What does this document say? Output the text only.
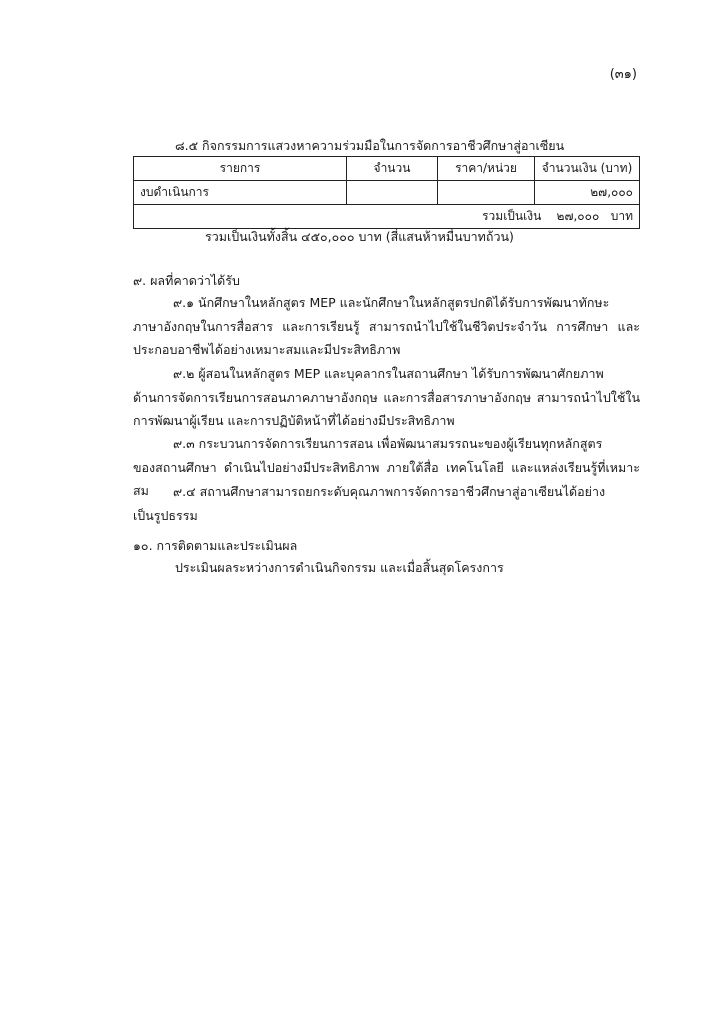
(๓๑)
๘.๕ กิจกรรมการแสวงหาความร่วมมือในการจัดการอาชีวศึกษาสู่อาเซียน
รายการ	จำนวน	ราคา/หน่วย	จำนวนเงิน (บาท)
งบดำเนินการ			๒๗,๐๐๐
รวมเป็นเงิน ๒๗,๐๐๐ บาท			
รวมเป็นเงินทั้งสิ้น ๔๕๐,๐๐๐ บาท (สี่แสนห้าหมื่นบาทถ้วน)
๙. ผลที่คาดว่าได้รับ
๙.๑ นักศึกษาในหลักสูตร MEP และนักศึกษาในหลักสูตรปกติได้รับการพัฒนาทักษะ
ภาษาอังกฤษในการสื่อสาร และการเรียนรู้ สามารถนำไปใช้ในชีวิตประจำวัน การศึกษา และประกอบอาชีพได้อย่างเหมาะสมและมีประสิทธิภาพ
๙.๒ ผู้สอนในหลักสูตร MEP และบุคลากรในสถานศึกษา ได้รับการพัฒนาศักยภาพ
ด้านการจัดการเรียนการสอนภาคภาษาอังกฤษ และการสื่อสารภาษาอังกฤษ สามารถนำไปใช้ในการพัฒนาผู้เรียน และการปฏิบัติหน้าที่ได้อย่างมีประสิทธิภาพ
๙.๓ กระบวนการจัดการเรียนการสอน เพื่อพัฒนาสมรรถนะของผู้เรียนทุกหลักสูตร
ของสถานศึกษา ดำเนินไปอย่างมีประสิทธิภาพ ภายใต้สื่อ เทคโนโลยี และแหล่งเรียนรู้ที่เหมาะสม	๙.๔ สถานศึกษาสามารถยกระดับคุณภาพการจัดการอาชีวศึกษาสู่อาเซียนได้อย่าง
เป็นรูปธรรม
๑๐. การติดตามและประเมินผล
ประเมินผลระหว่างการดำเนินกิจกรรม และเมื่อสิ้นสุดโครงการ
